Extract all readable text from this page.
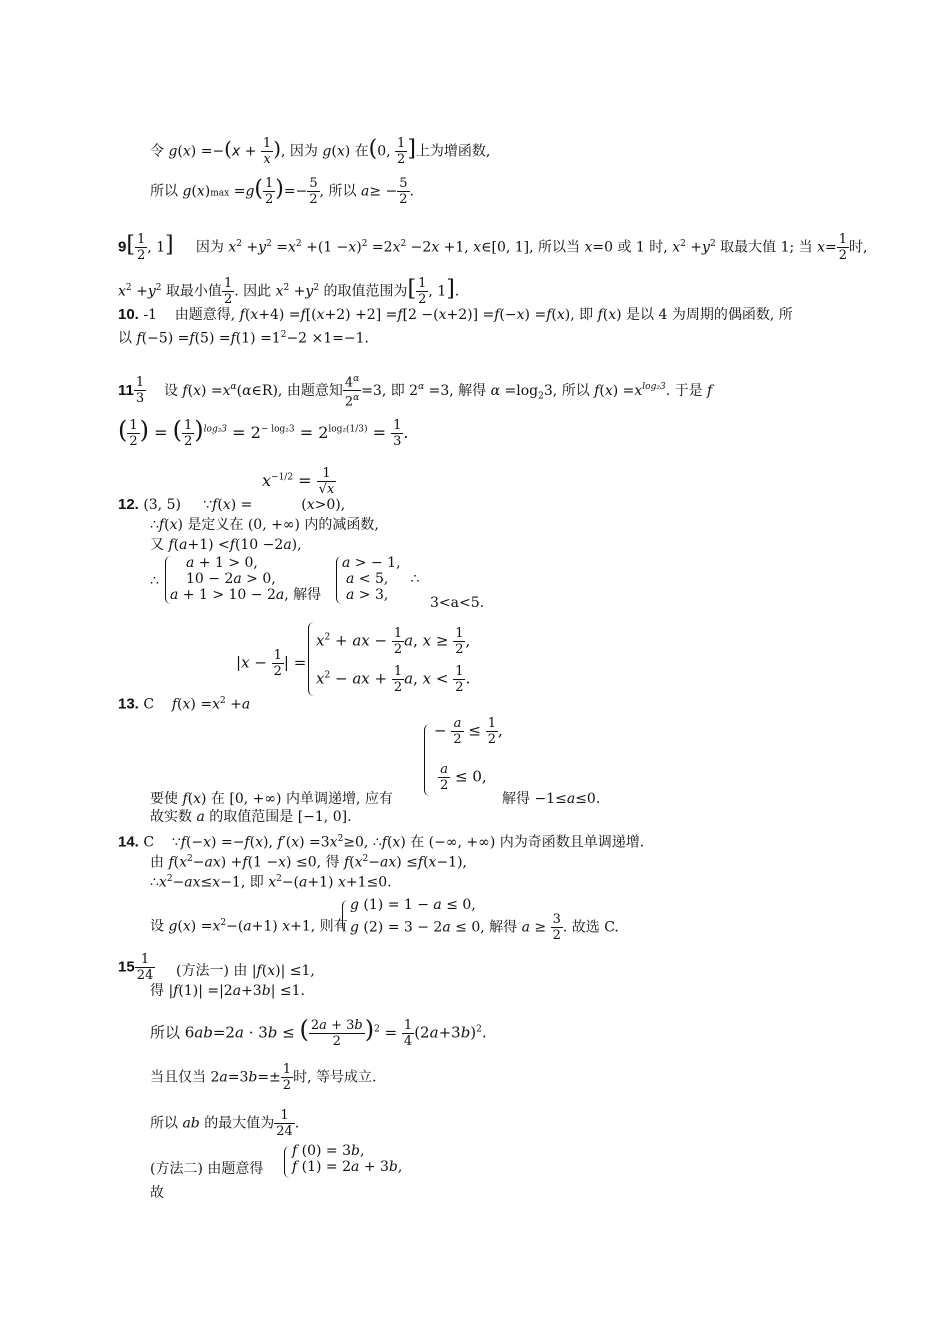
令 $g(x) =-(x + \frac{1}{x}$ ), 因为 g(x) 在(0, $\frac{1}{2}$ ]上为增函数,
所以 $g(x)\max =g( \frac{1}{2}$ )=− $\frac{5}{2}$ , 所以 $a\ge - \frac{5}{2}$ .
$9[ \frac{1}{2}$ , 1]     因为 $x^2 +y^2 =x^2 +(1 -x)^2 =2x^2 -2x +1$, x∈[0, 1], 所以当 x=0 或 1 时, $x^2 +y^2$ 取最大值 1; 当 $x= \frac{1}{2}$ 时,
$x^2 +y^2$ 取最小值 $\frac{1}{2}$ . 因此 $x^2 +y^2$ 的取值范围为[ $\frac{1}{2}$ , 1].
10. -1    由题意得, f(x+4) =f[(x+2) +2] =f[2 −(x+2)] =f(−x) =f(x), 即 f(x) 是以 4 为周期的偶函数, 所
以 $f(-5) =f(5) =f(1) =1^2-2 \times 1=-1$.
$11 \frac{1}{3}$ 设 $f(x) =x^\alpha(\alpha\in R)$, 由题意知 $\frac{4^\alpha}{2^\alpha} =3$, 即 $2^\alpha =3$, 解得 $\alpha =\log_23$, 所以 $f(x) =x^{log_23}$. 于是 f
( $\frac{1}{2}$ ) = ( $\frac{1}{2} )^{log_23} = 2^{- log_23} = 2^{log_2(1/3)} = \frac{1}{3}$ .
$x^{-1/2} = \frac{1}{√x}$
12. (3, 5)     ∵f(x) =           (x>0),
∴f(x) 是定义在 (0, +∞) 内的减函数,
又 f(a+1) <f(10 −2a),
∴
a + 1 > 0,
10 − 2a > 0,
a + 1 > 10 − 2a, 解得
a > − 1,
a < 5,     ∴
a > 3,	3<a<5.
$|x - \frac{1}{2}$ | =
$x^2$ + ax − $\frac{1}{2} a$, $x \ge \frac{1}{2}$ ,
$x^2$ − ax + $\frac{1}{2} a$, $x < \frac{1}{2}$ .
13. C $f(x) =x^2 +a$
− $\frac{a}{2} \le \frac{1}{2}$ ,
$\frac{a}{2} \le 0$,
要使 f(x) 在 [0, +∞) 内单调递增, 应有	解得 −1≤a≤0.
故实数 a 的取值范围是 [−1, 0].
14. C    ∵f(−x) =−f(x), $f'(x) =3x^2\ge 0$, ∴f(x) 在 (−∞, +∞) 内为奇函数且单调递增.
由 $f(x^2-ax) +f(1 -x) \le 0$, 得 $f(x^2-ax) \le f(x-1)$,
$\therefore x^2-ax\le x-1$, 即 $x^2-(a+1)$ x+1≤0.
设 $g(x) =x^2-(a+1)$ x+1, 则有
g (1) = 1 − a ≤ 0,
g (2) = 3 − 2a ≤ 0, 解得 $a \ge \frac{3}{2}$ . 故选 C.
$15 \frac{1}{24}$ (方法一) 由 |f(x)| ≤1,
得 |f(1)| =|2a+3b| ≤1.
所以 6ab=2a · 3b ≤ ( $\frac{2a + 3b}{2} )^2 = \frac{1}{4} (2a+3b)^2$.
当且仅当 $2a=3b=\pm \frac{1}{2}$ 时, 等号成立.
所以 ab 的最大值为 $\frac{1}{24}$ .
(方法二) 由题意得
f (0) = 3b,
f (1) = 2a + 3b,
故
